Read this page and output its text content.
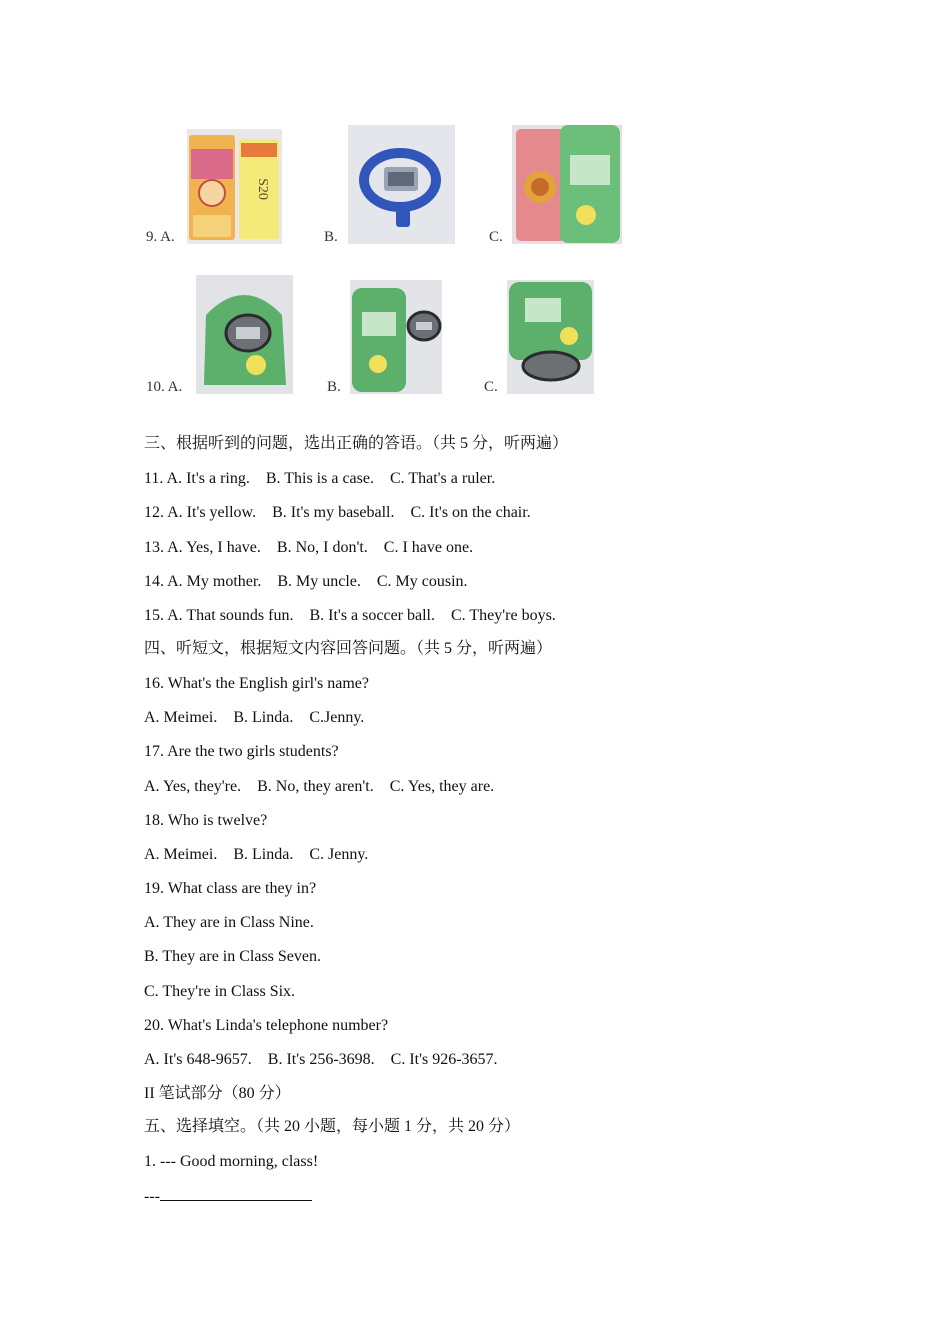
9. A.
S20
B.	C.
10. A.	B.	C.
三、根据听到的问题，选出正确的答语。（共 5 分，听两遍）
11. A. It's a ring.    B. This is a case.    C. That's a ruler.
12. A. It's yellow.    B. It's my baseball.    C. It's on the chair.
13. A. Yes, I have.    B. No, I don't.    C. I have one.
14. A. My mother.    B. My uncle.    C. My cousin.
15. A. That sounds fun.    B. It's a soccer ball.    C. They're boys.
四、听短文，根据短文内容回答问题。（共 5 分，听两遍）
16. What's the English girl's name?
A. Meimei.    B. Linda.    C.Jenny.
17. Are the two girls students?
A. Yes, they're.    B. No, they aren't.    C. Yes, they are.
18. Who is twelve?
A. Meimei.    B. Linda.    C. Jenny.
19. What class are they in?
A. They are in Class Nine.
B. They are in Class Seven.
C. They're in Class Six.
20. What's Linda's telephone number?
A. It's 648-9657.    B. It's 256-3698.    C. It's 926-3657.
II 笔试部分（80 分）
五、选择填空。（共 20 小题，每小题 1 分，共 20 分）
1. --- Good morning, class!
---
